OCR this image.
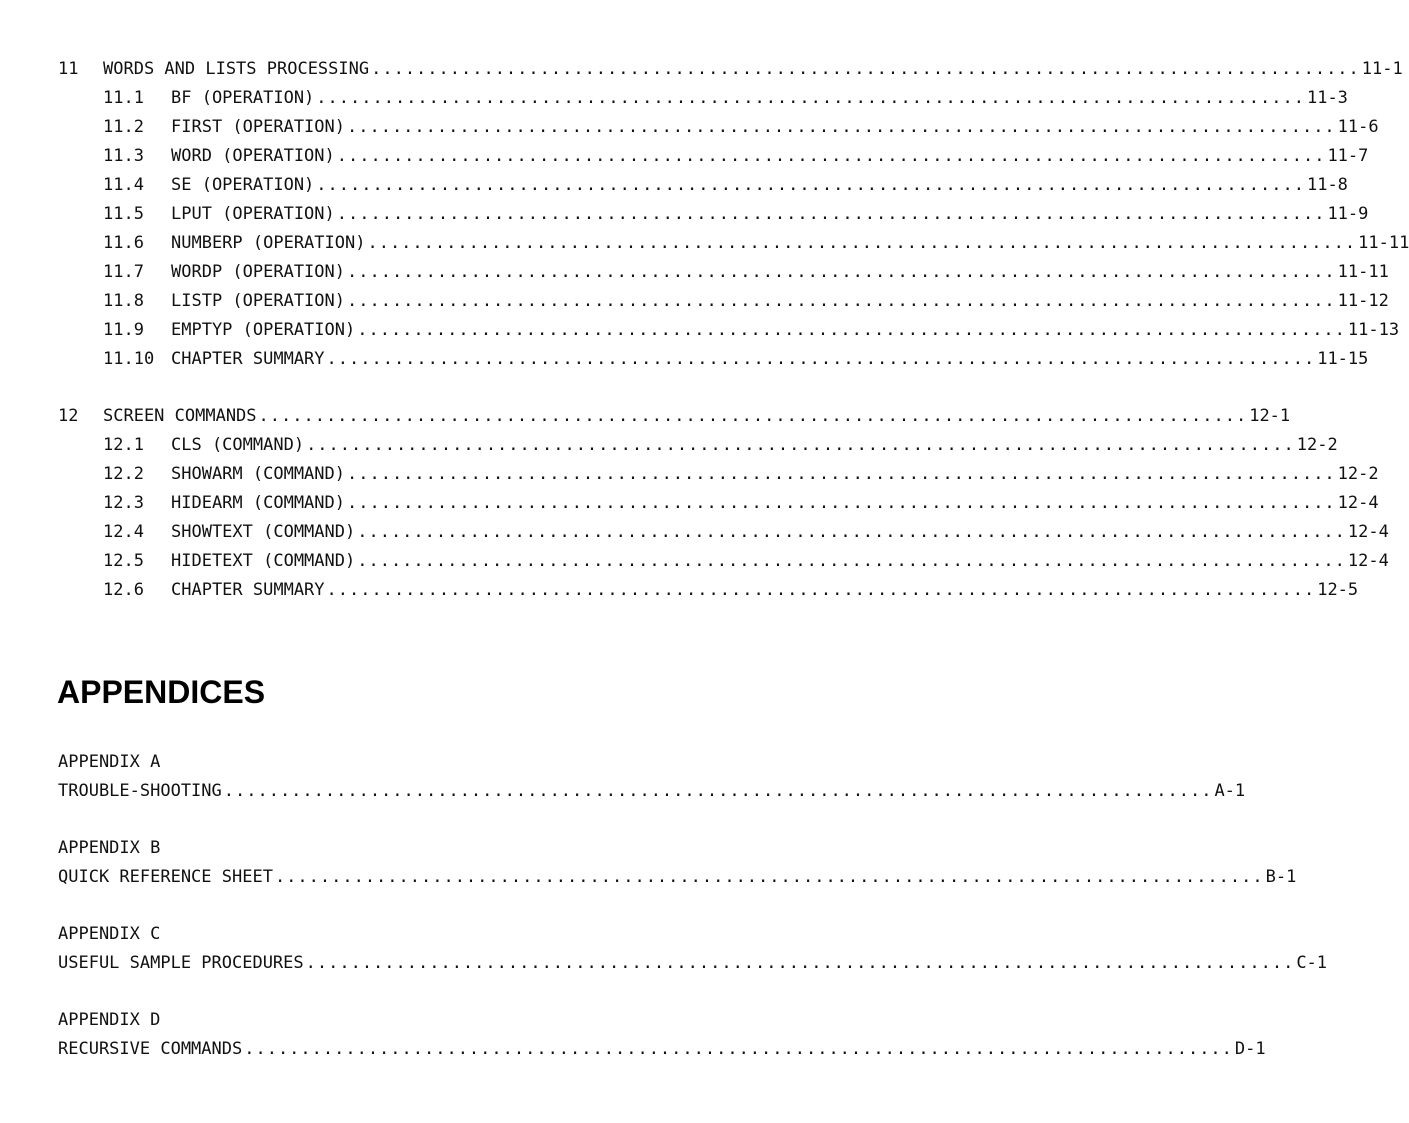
11	WORDS AND LISTS PROCESSING ........................................................................................ 11-1
11.1	BF (OPERATION) ........................................................................................ 11-3
11.2	FIRST (OPERATION) ........................................................................................ 11-6
11.3	WORD (OPERATION) ........................................................................................ 11-7
11.4	SE (OPERATION) ........................................................................................ 11-8
11.5	LPUT (OPERATION) ........................................................................................ 11-9
11.6	NUMBERP (OPERATION) ........................................................................................ 11-11
11.7	WORDP (OPERATION) ........................................................................................ 11-11
11.8	LISTP (OPERATION) ........................................................................................ 11-12
11.9	EMPTYP (OPERATION) ........................................................................................ 11-13
11.10 CHAPTER SUMMARY ........................................................................................ 11-15
12	SCREEN COMMANDS ........................................................................................ 12-1
12.1	CLS (COMMAND) ........................................................................................ 12-2
12.2	SHOWARM (COMMAND) ........................................................................................ 12-2
12.3	HIDEARM (COMMAND) ........................................................................................ 12-4
12.4	SHOWTEXT (COMMAND) ........................................................................................ 12-4
12.5	HIDETEXT (COMMAND) ........................................................................................ 12-4
12.6	CHAPTER SUMMARY ........................................................................................ 12-5
APPENDICES
APPENDIX A
TROUBLE-SHOOTING ........................................................................................ A-1
APPENDIX B
QUICK REFERENCE SHEET ........................................................................................ B-1
APPENDIX C
USEFUL SAMPLE PROCEDURES ........................................................................................ C-1
APPENDIX D
RECURSIVE COMMANDS ........................................................................................ D-1
